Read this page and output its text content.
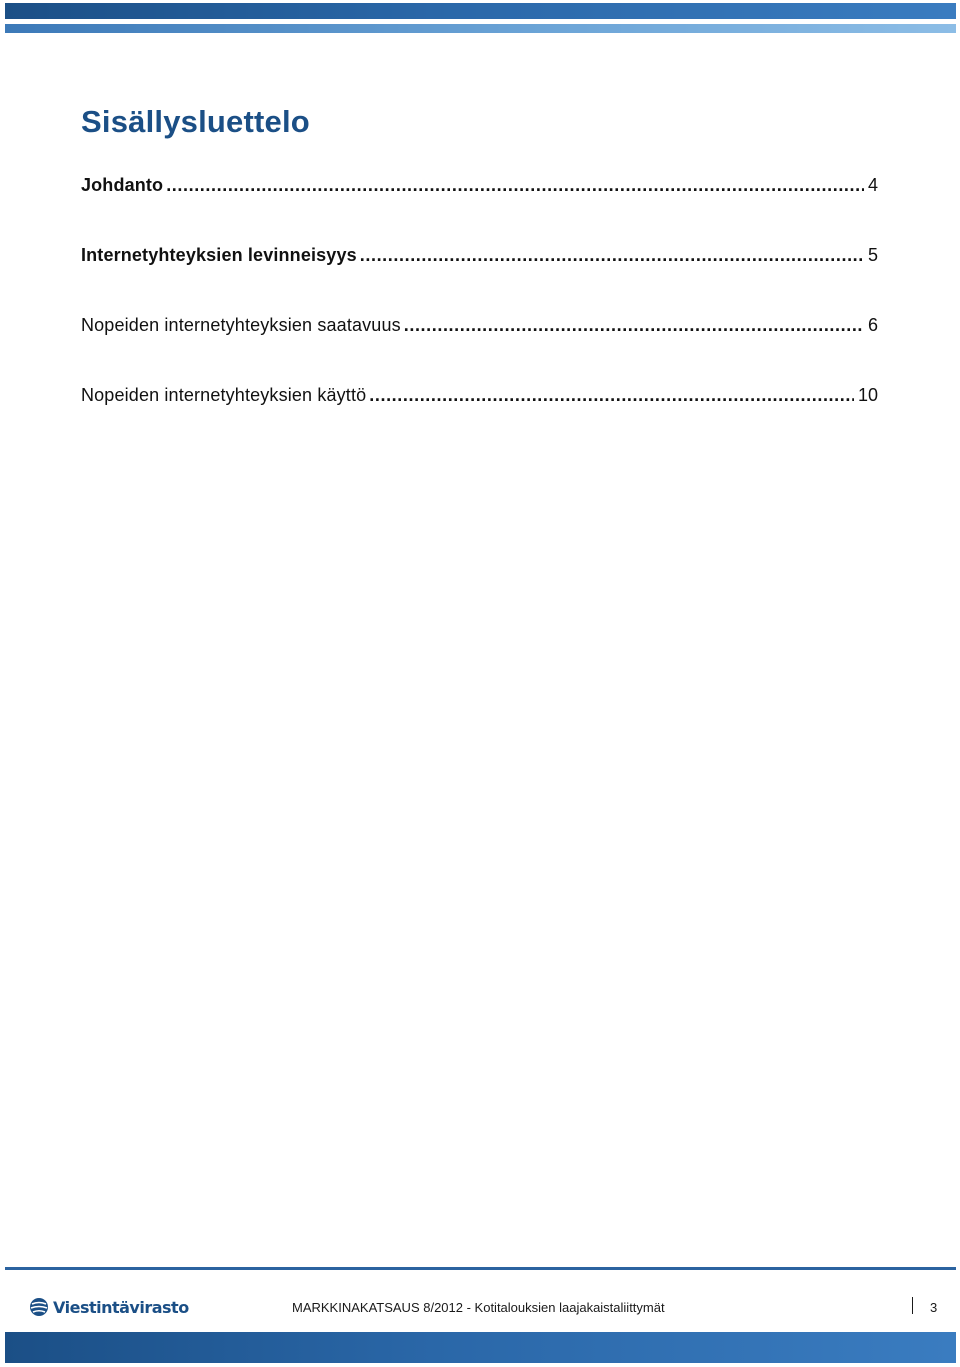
Sisällysluettelo
Johdanto .....	4
Internetyhteyksien levinneisyys .....	5
Nopeiden internetyhteyksien saatavuus .....	6
Nopeiden internetyhteyksien käyttö .....	10
Viestintävirasto	MARKKINAKATSAUS 8/2012 - Kotitalouksien laajakaistaliittymät	3
